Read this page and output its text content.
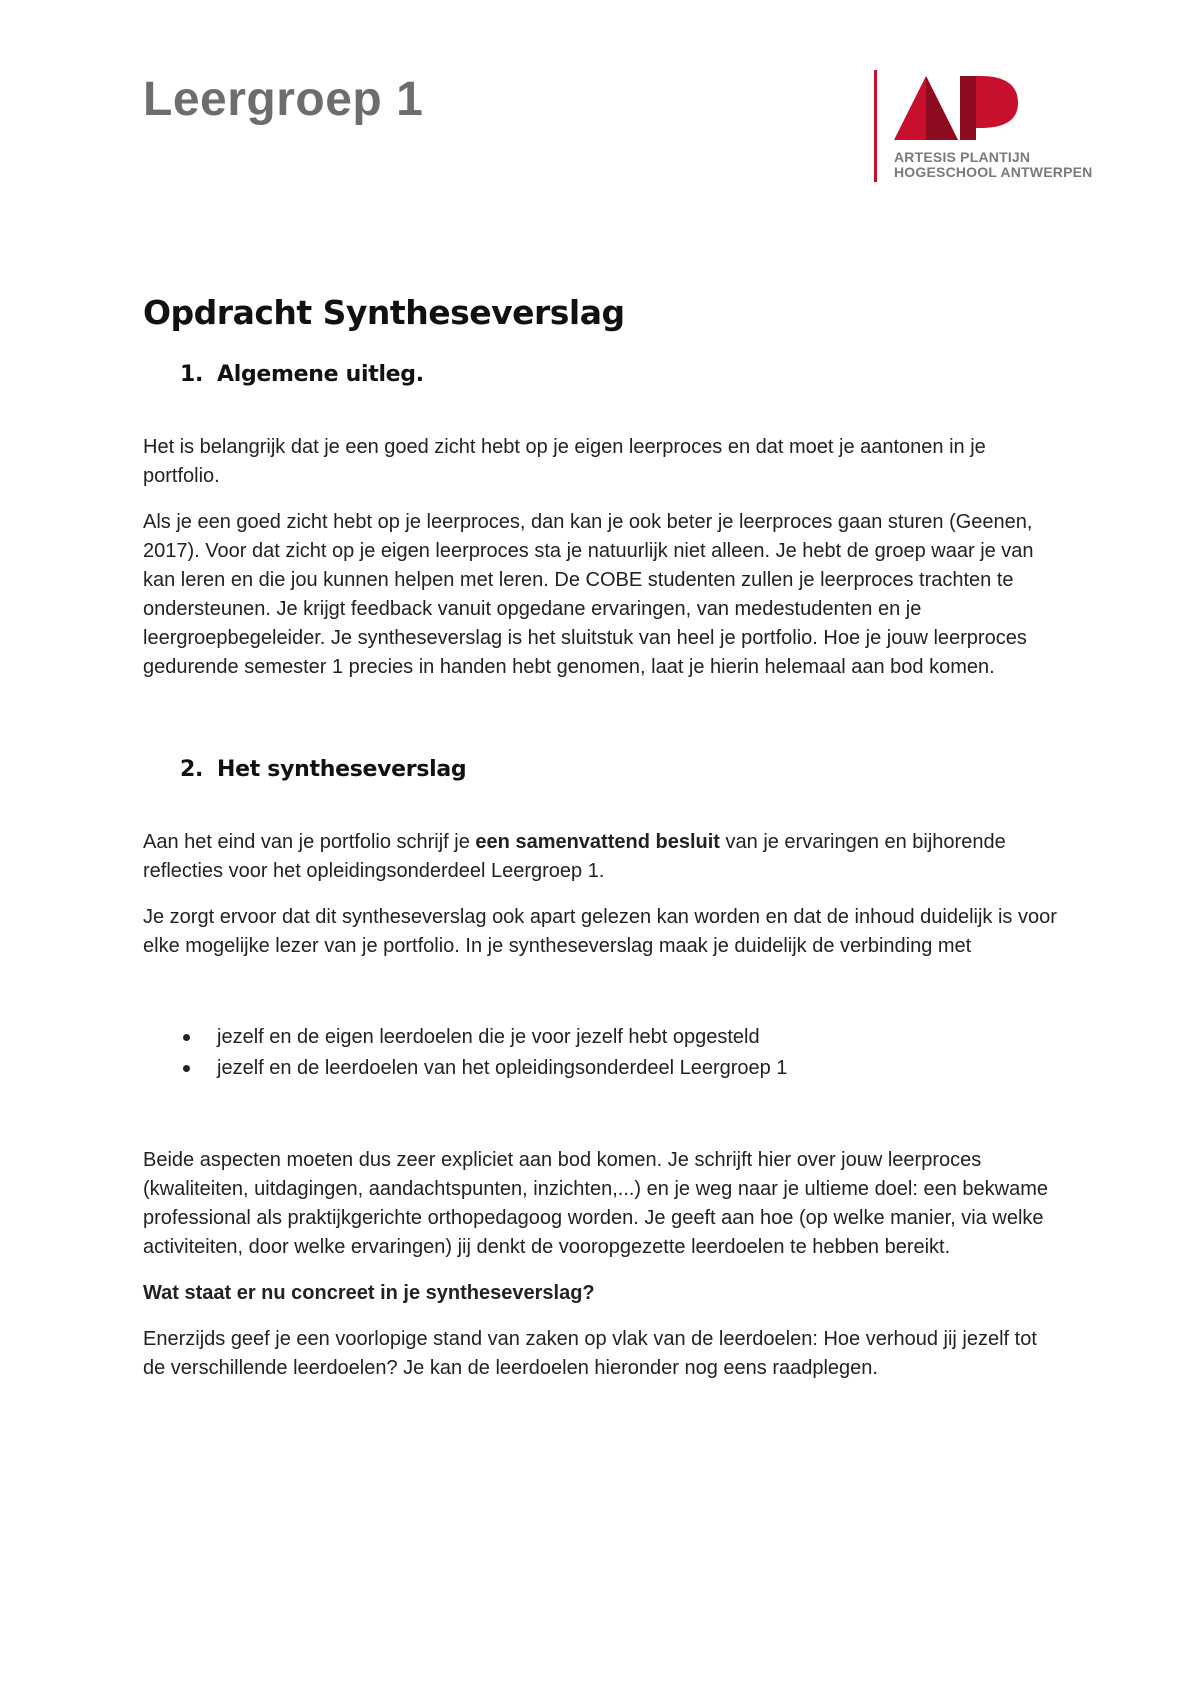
Leergroep 1
ARTESIS PLANTIJN
HOGESCHOOL ANTWERPEN
Opdracht Syntheseverslag
1. Algemene uitleg.

Het is belangrijk dat je een goed zicht hebt op je eigen leerproces en dat moet je aantonen in je portfolio.

Als je een goed zicht hebt op je leerproces, dan kan je ook beter je leerproces gaan sturen (Geenen, 2017). Voor dat zicht op je eigen leerproces sta je natuurlijk niet alleen. Je hebt de groep waar je van kan leren en die jou kunnen helpen met leren. De COBE studenten zullen je leerproces trachten te ondersteunen. Je krijgt feedback vanuit opgedane ervaringen, van medestudenten en je leergroepbegeleider. Je syntheseverslag is het sluitstuk van heel je portfolio. Hoe je jouw leerproces gedurende semester 1 precies in handen hebt genomen, laat je hierin helemaal aan bod komen.

2. Het syntheseverslag

Aan het eind van je portfolio schrijf je een samenvattend besluit van je ervaringen en bijhorende reflecties voor het opleidingsonderdeel Leergroep 1.

Je zorgt ervoor dat dit syntheseverslag ook apart gelezen kan worden en dat de inhoud duidelijk is voor elke mogelijke lezer van je portfolio. In je syntheseverslag maak je duidelijk de verbinding met

jezelf en de eigen leerdoelen die je voor jezelf hebt opgesteld
jezelf en de leerdoelen van het opleidingsonderdeel Leergroep 1

Beide aspecten moeten dus zeer expliciet aan bod komen. Je schrijft hier over jouw leerproces (kwaliteiten, uitdagingen, aandachtspunten, inzichten,...) en je weg naar je ultieme doel: een bekwame professional als praktijkgerichte orthopedagoog worden. Je geeft aan hoe (op welke manier, via welke activiteiten, door welke ervaringen) jij denkt de vooropgezette leerdoelen te hebben bereikt.

Wat staat er nu concreet in je syntheseverslag?

Enerzijds geef je een voorlopige stand van zaken op vlak van de leerdoelen: Hoe verhoud jij jezelf tot de verschillende leerdoelen? Je kan de leerdoelen hieronder nog eens raadplegen.
